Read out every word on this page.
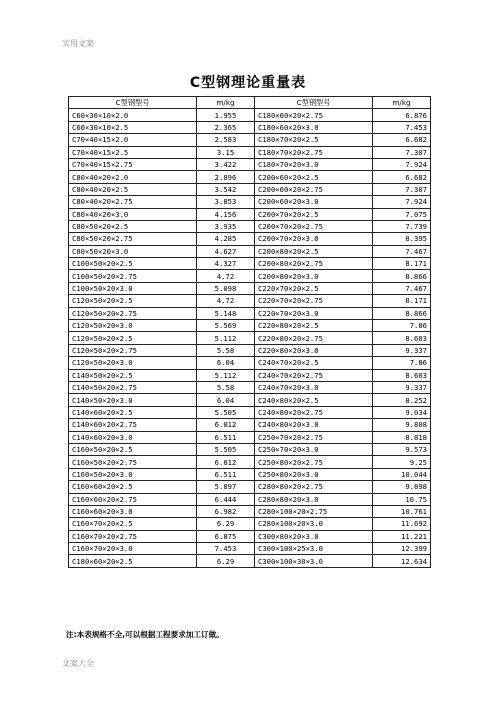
实用文案
C型钢理论重量表
C型钢型号	m/kg	C型钢型号	m/kg
C60×30×10×2.0	1.955	C180×60×20×2.75	6.876
C60×30×10×2.5	2.365	C180×60×20×3.0	7.453
C70×40×15×2.0	2.583	C180×70×20×2.5	6.682
C70×40×15×2.5	3.15	C180×70×20×2.75	7.307
C70×40×15×2.75	3.422	C180×70×20×3.0	7.924
C80×40×20×2.0	2.896	C200×60×20×2.5	6.682
C80×40×20×2.5	3.542	C200×60×20×2.75	7.307
C80×40×20×2.75	3.853	C200×60×20×3.0	7.924
C80×40×20×3.0	4.156	C200×70×20×2.5	7.075
C80×50×20×2.5	3.935	C200×70×20×2.75	7.739
C80×50×20×2.75	4.285	C200×70×20×3.0	8.395
C80×50×20×3.0	4.627	C200×80×20×2.5	7.467
C100×50×20×2.5	4.327	C200×80×20×2.75	8.171
C100×50×20×2.75	4.72	C200×80×20×3.0	8.866
C100×50×20×3.0	5.098	C220×70×20×2.5	7.467
C120×50×20×2.5	4.72	C220×70×20×2.75	8.171
C120×50×20×2.75	5.148	C220×70×20×3.0	8.866
C120×50×20×3.0	5.569	C220×80×20×2.5	7.86
C120×50×20×2.5	5.112	C220×80×20×2.75	8.603
C120×50×20×2.75	5.58	C220×80×20×3.0	9.337
C120×50×20×3.0	6.04	C240×70×20×2.5	7.86
C140×50×20×2.5	5.112	C240×70×20×2.75	8.603
C140×50×20×2.75	5.58	C240×70×20×3.0	9.337
C140×50×20×3.0	6.04	C240×80×20×2.5	8.252
C140×60×20×2.5	5.505	C240×80×20×2.75	9.034
C140×60×20×2.75	6.012	C240×80×20×3.0	9.808
C140×60×20×3.0	6.511	C250×70×20×2.75	8.818
C160×50×20×2.5	5.505	C250×70×20×3.0	9.573
C160×50×20×2.75	6.012	C250×80×20×2.75	9.25
C160×50×20×3.0	6.511	C250×80×20×3.0	10.044
C160×60×20×2.5	5.897	C280×80×20×2.75	9.898
C160×60×20×2.75	6.444	C280×80×20×3.0	10.75
C160×60×20×3.0	6.982	C280×100×20×2.75	10.761
C160×70×20×2.5	6.29	C280×100×20×3.0	11.692
C160×70×20×2.75	6.875	C300×80×20×3.0	11.221
C160×70×20×3.0	7.453	C300×100×25×3.0	12.399
C180×60×20×2.5	6.29	C300×100×30×3.0	12.634
注:本表规格不全,可以根据工程要求加工订做。
文案大全
